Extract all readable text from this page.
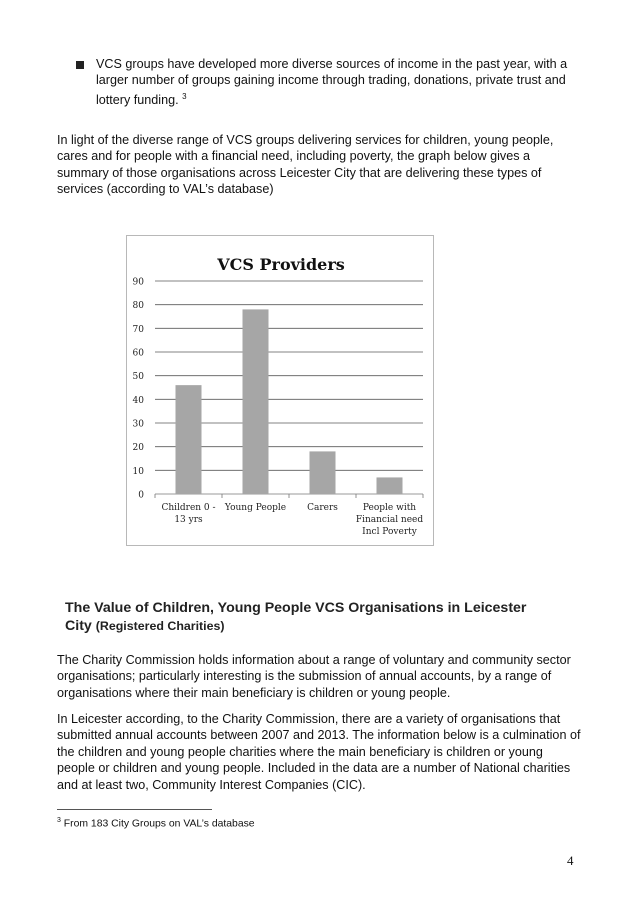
VCS groups have developed more diverse sources of income in the past year, with a larger number of groups gaining income through trading, donations, private trust and lottery funding. $^3$

In light of the diverse range of VCS groups delivering services for children, young people, cares and for people with a financial need, including poverty, the graph below gives a summary of those organisations across Leicester City that are delivering these types of services (according to VAL’s database)

VCS Providers
0
10
20
30
40
50
60
70
80
90
Children 0 -13 yrs
Young People Carers	People with Financial need Incl Poverty
The Value of Children, Young People VCS Organisations in Leicester
City (Registered Charities)

The Charity Commission holds information about a range of voluntary and community sector organisations; particularly interesting is the submission of annual accounts, by a range of organisations where their main beneficiary is children or young people.

In Leicester according, to the Charity Commission, there are a variety of organisations that submitted annual accounts between 2007 and 2013. The information below is a culmination of the children and young people charities where the main beneficiary is children or young people or children and young people. Included in the data are a number of National charities and at least two, Community Interest Companies (CIC).

$^3$ From 183 City Groups on VAL’s database

4
